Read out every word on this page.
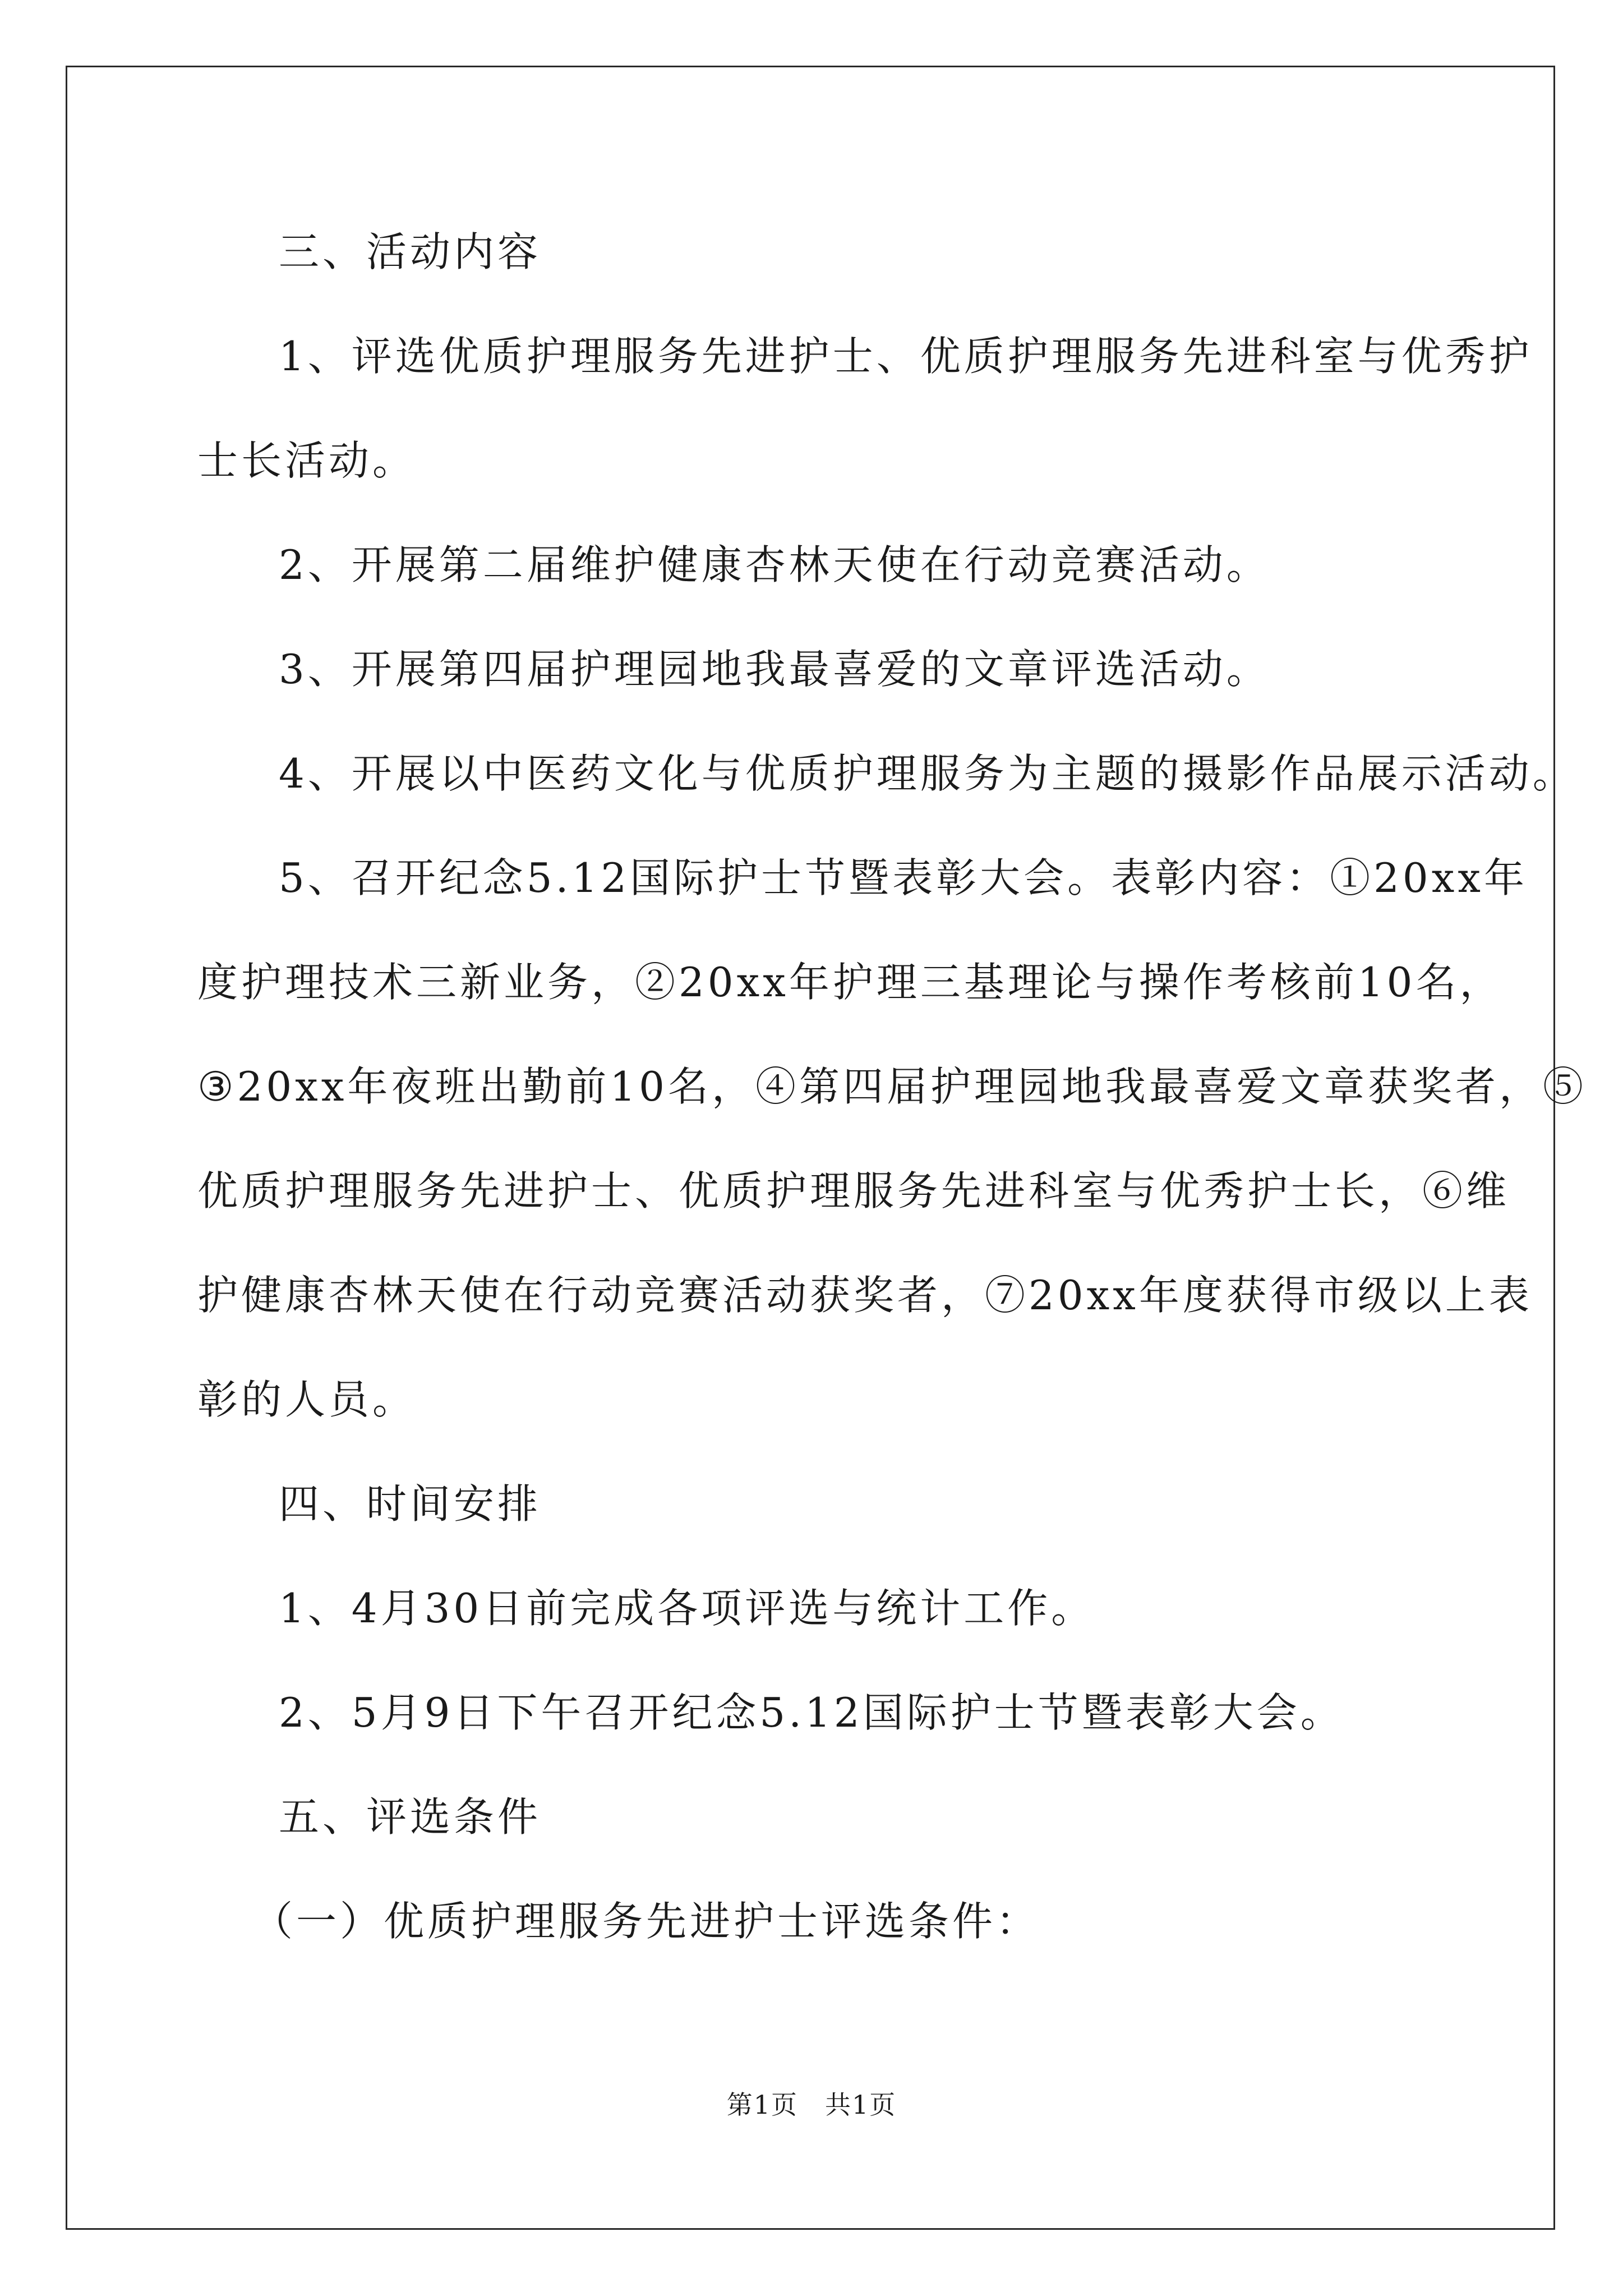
三、活动内容
1、评选优质护理服务先进护士、优质护理服务先进科室与优秀护
士长活动。
2、开展第二届维护健康杏林天使在行动竞赛活动。
3、开展第四届护理园地我最喜爱的文章评选活动。
4、开展以中医药文化与优质护理服务为主题的摄影作品展示活动。
5、召开纪念5.12国际护士节暨表彰大会。表彰内容：①20xx年
度护理技术三新业务，②20xx年护理三基理论与操作考核前10名，
③20xx年夜班出勤前10名，④第四届护理园地我最喜爱文章获奖者，⑤
优质护理服务先进护士、优质护理服务先进科室与优秀护士长，⑥维
护健康杏林天使在行动竞赛活动获奖者，⑦20xx年度获得市级以上表
彰的人员。
四、时间安排
1、4月30日前完成各项评选与统计工作。
2、5月9日下午召开纪念5.12国际护士节暨表彰大会。
五、评选条件
（一）优质护理服务先进护士评选条件：
第1页 共1页
